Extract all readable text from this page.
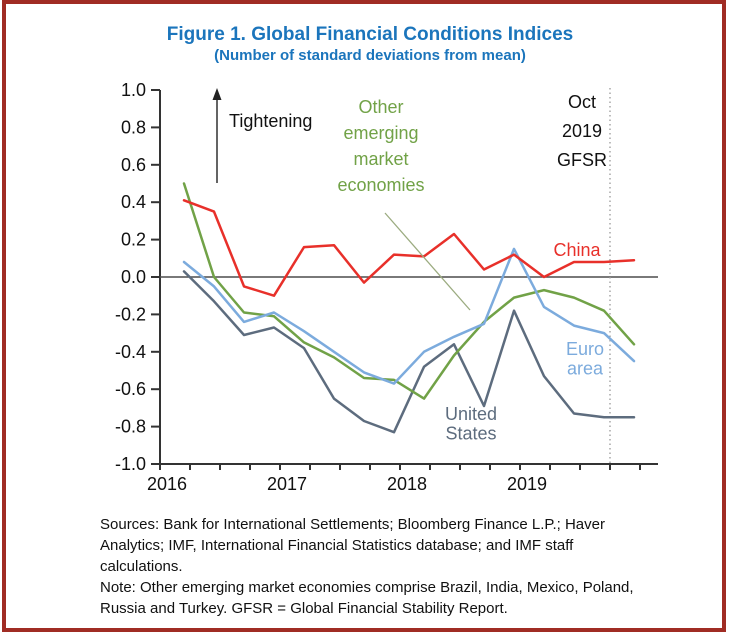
Figure 1. Global Financial Conditions Indices
(Number of standard deviations from mean)
1.0
0.8
0.6
0.4
0.2
0.0
-0.2
-0.4
-0.6
-0.8
-1.0
2016	2017	2018	2019
Oct
2019
GFSR
Tightening
United
States
Other
emerging
market
economies
Euro
area
China
Sources: Bank for International Settlements; Bloomberg Finance L.P.; Haver
Analytics; IMF, International Financial Statistics database; and IMF staff
calculations.
Note: Other emerging market economies comprise Brazil, India, Mexico, Poland,
Russia and Turkey. GFSR = Global Financial Stability Report.
